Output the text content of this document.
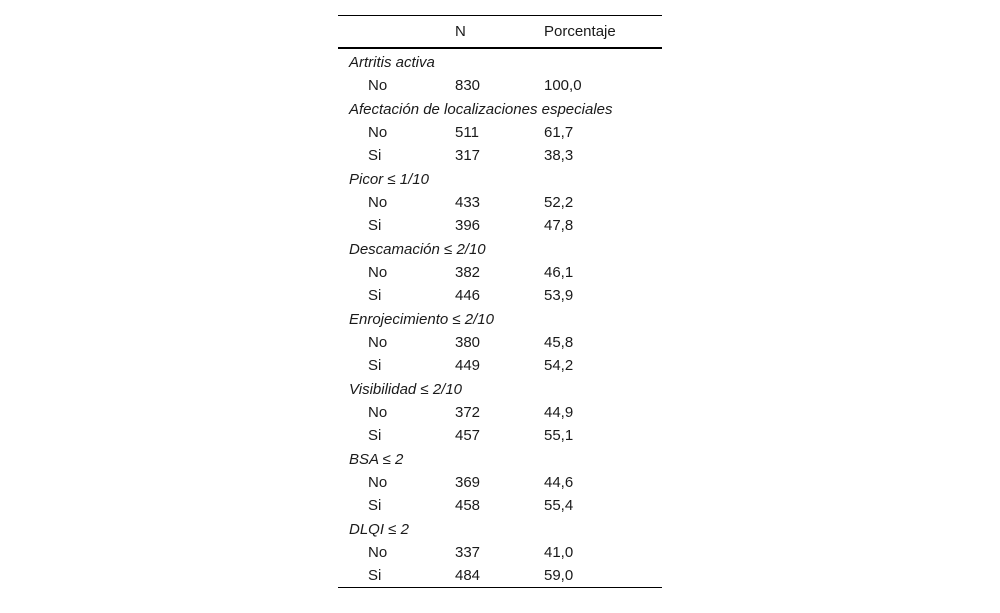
	N	Porcentaje
Artritis activa		
No	830	100,0
Afectación de localizaciones especiales		
No	511	61,7
Si	317	38,3
Picor ≤ 1/10		
No	433	52,2
Si	396	47,8
Descamación ≤ 2/10		
No	382	46,1
Si	446	53,9
Enrojecimiento ≤ 2/10		
No	380	45,8
Si	449	54,2
Visibilidad ≤ 2/10		
No	372	44,9
Si	457	55,1
BSA ≤ 2		
No	369	44,6
Si	458	55,4
DLQI ≤ 2		
No	337	41,0
Si	484	59,0
